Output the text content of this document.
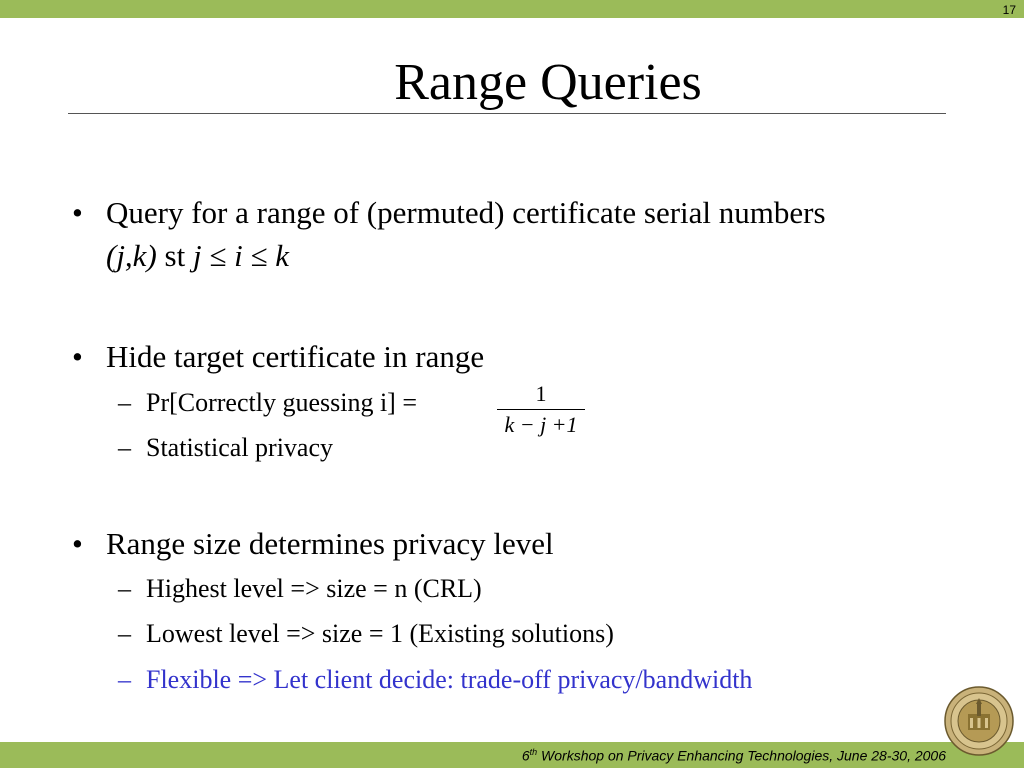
17
Range Queries
• Query for a range of (permuted) certificate serial numbers
(j,k) st j ≤ i ≤ k
• Hide target certificate in range
– Pr[Correctly guessing i] =	1
k − j +1
– Statistical privacy
• Range size determines privacy level
– Highest level => size = n (CRL)
– Lowest level => size = 1 (Existing solutions)
– Flexible => Let client decide: trade-off privacy/bandwidth
6th Workshop on Privacy Enhancing Technologies, June 28-30, 2006
